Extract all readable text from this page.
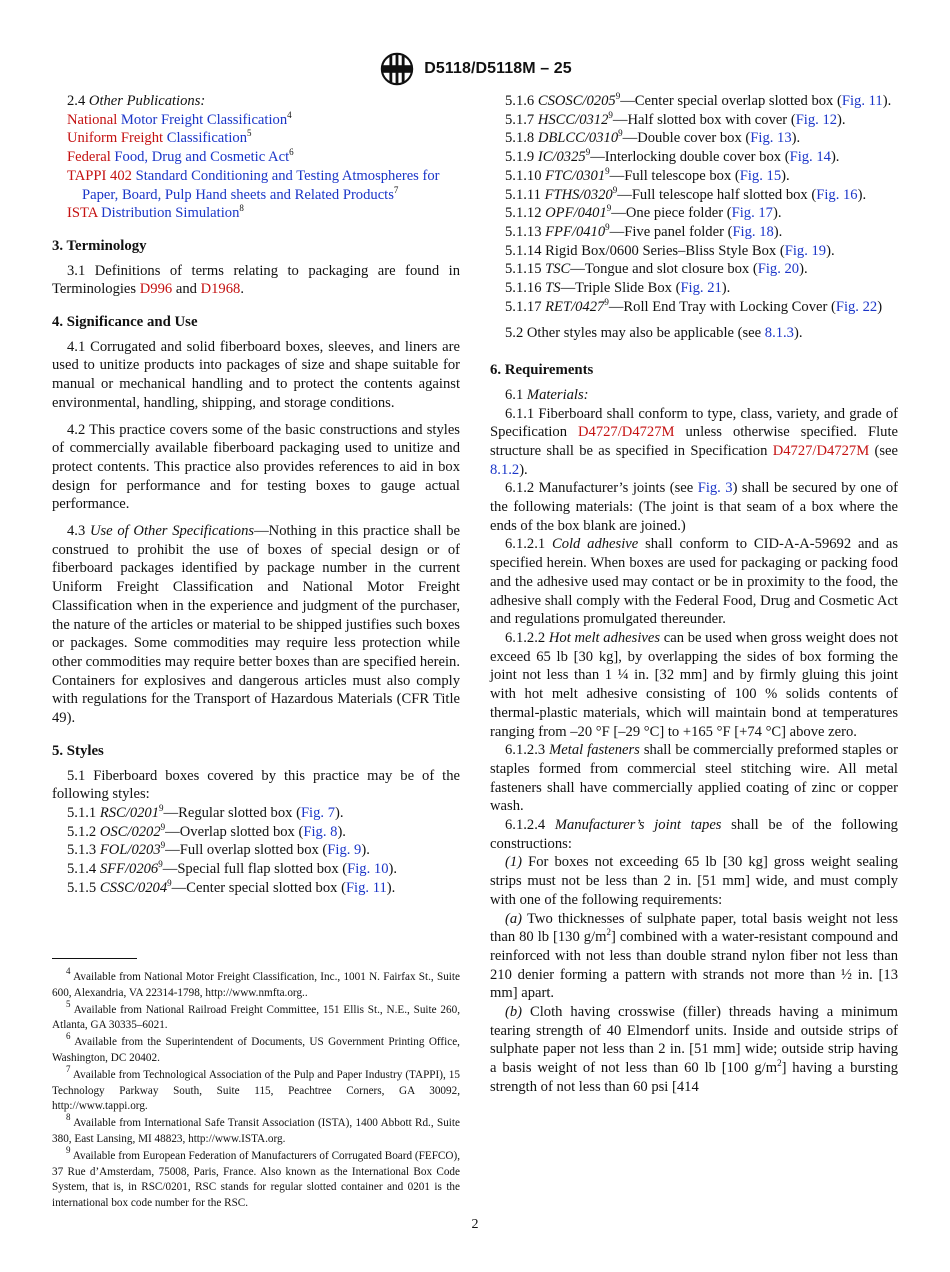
D5118/D5118M – 25

2.4 Other Publications:

National Motor Freight Classification$^4$

Uniform Freight Classification$^5$

Federal Food, Drug and Cosmetic Act$^6$

TAPPI 402 Standard Conditioning and Testing Atmospheres for Paper, Board, Pulp Hand sheets and Related Products$^7$

ISTA Distribution Simulation$^8$

3. Terminology

3.1 Definitions of terms relating to packaging are found in Terminologies D996 and D1968.

4. Significance and Use

4.1 Corrugated and solid fiberboard boxes, sleeves, and liners are used to unitize products into packages of size and shape suitable for manual or mechanical handling and to protect the contents against environmental, handling, shipping, and storage conditions.

4.2 This practice covers some of the basic constructions and styles of commercially available fiberboard packaging used to unitize and protect contents. This practice also provides references to aid in box design for performance and for testing boxes to gauge actual performance.

4.3 Use of Other Specifications—Nothing in this practice shall be construed to prohibit the use of boxes of special design or of fiberboard packages identified by package number in the current Uniform Freight Classification and National Motor Freight Classification when in the experience and judgment of the purchaser, the nature of the articles or material to be shipped justifies such boxes or packages. Some commodities may require less protection while other commodities may require better boxes than are specified herein. Containers for explosives and dangerous articles must also comply with regulations for the Transport of Hazardous Materials (CFR Title 49).

5. Styles

5.1 Fiberboard boxes covered by this practice may be of the following styles:

5.1.1 RSC/0201$^9$—Regular slotted box (Fig. 7).

5.1.2 OSC/0202$^9$—Overlap slotted box (Fig. 8).

5.1.3 FOL/0203$^9$—Full overlap slotted box (Fig. 9).

5.1.4 SFF/0206$^9$—Special full flap slotted box (Fig. 10).

5.1.5 CSSC/0204$^9$—Center special slotted box (Fig. 11).

$^4$ Available from National Motor Freight Classification, Inc., 1001 N. Fairfax St., Suite 600, Alexandria, VA 22314-1798, http://www.nmfta.org..

$^5$ Available from National Railroad Freight Committee, 151 Ellis St., N.E., Suite 260, Atlanta, GA 30335–6021.

$^6$ Available from the Superintendent of Documents, US Government Printing Office, Washington, DC 20402.

$^7$ Available from Technological Association of the Pulp and Paper Industry (TAPPI), 15 Technology Parkway South, Suite 115, Peachtree Corners, GA 30092, http://www.tappi.org.

$^8$ Available from International Safe Transit Association (ISTA), 1400 Abbott Rd., Suite 380, East Lansing, MI 48823, http://www.ISTA.org.

$^9$ Available from European Federation of Manufacturers of Corrugated Board (FEFCO), 37 Rue d’Amsterdam, 75008, Paris, France. Also known as the International Box Code System, that is, in RSC/0201, RSC stands for regular slotted container and 0201 is the international box code number for the RSC.

5.1.6 CSOSC/0205$^9$—Center special overlap slotted box (Fig. 11).

5.1.7 HSCC/0312$^9$—Half slotted box with cover (Fig. 12).

5.1.8 DBLCC/0310$^9$—Double cover box (Fig. 13).

5.1.9 IC/0325$^9$—Interlocking double cover box (Fig. 14).

5.1.10 FTC/0301$^9$—Full telescope box (Fig. 15).

5.1.11 FTHS/0320$^9$—Full telescope half slotted box (Fig. 16).

5.1.12 OPF/0401$^9$—One piece folder (Fig. 17).

5.1.13 FPF/0410$^9$—Five panel folder (Fig. 18).

5.1.14 Rigid Box/0600 Series–Bliss Style Box (Fig. 19).

5.1.15 TSC—Tongue and slot closure box (Fig. 20).

5.1.16 TS—Triple Slide Box (Fig. 21).

5.1.17 RET/0427$^9$—Roll End Tray with Locking Cover (Fig. 22)

5.2 Other styles may also be applicable (see 8.1.3).

6. Requirements

6.1 Materials:

6.1.1 Fiberboard shall conform to type, class, variety, and grade of Specification D4727/D4727M unless otherwise specified. Flute structure shall be as specified in Specification D4727/D4727M (see 8.1.2).

6.1.2 Manufacturer’s joints (see Fig. 3) shall be secured by one of the following materials: (The joint is that seam of a box where the ends of the box blank are joined.)

6.1.2.1 Cold adhesive shall conform to CID-A-A-59692 and as specified herein. When boxes are used for packaging or packing food and the adhesive used may contact or be in proximity to the food, the adhesive shall comply with the Federal Food, Drug and Cosmetic Act and regulations promulgated thereunder.

6.1.2.2 Hot melt adhesives can be used when gross weight does not exceed 65 lb [30 kg], by overlapping the sides of box forming the joint not less than 1 ¼ in. [32 mm] and by firmly gluing this joint with hot melt adhesive consisting of 100 % solids contents of thermal-plastic materials, which will maintain bond at temperatures ranging from –20 °F [–29 °C] to +165 °F [+74 °C] above zero.

6.1.2.3 Metal fasteners shall be commercially preformed staples or staples formed from commercial steel stitching wire. All metal fasteners shall have commercially applied coating of zinc or copper wash.

6.1.2.4 Manufacturer’s joint tapes shall be of the following constructions:

(1) For boxes not exceeding 65 lb [30 kg] gross weight sealing strips must not be less than 2 in. [51 mm] wide, and must comply with one of the following requirements:

(a) Two thicknesses of sulphate paper, total basis weight not less than 80 lb [130 $g/m^2$] combined with a water-resistant compound and reinforced with not less than double strand nylon fiber not less than 210 denier forming a pattern with strands not more than ½ in. [13 mm] apart.

(b) Cloth having crosswise (filler) threads having a minimum tearing strength of 40 Elmendorf units. Inside and outside strips of sulphate paper not less than 2 in. [51 mm] wide; outside strip having a basis weight of not less than 60 lb [100 $g/m^2$] having a bursting strength of not less than 60 psi [414

2
